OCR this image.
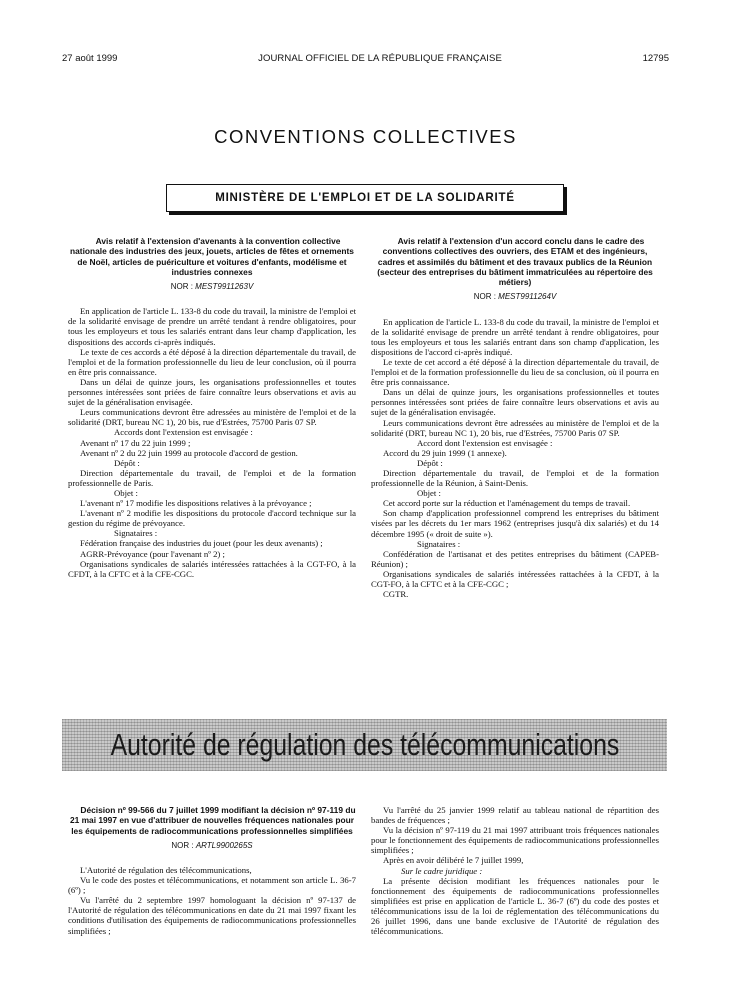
27 août 1999	JOURNAL OFFICIEL DE LA RÉPUBLIQUE FRANÇAISE	12795
CONVENTIONS COLLECTIVES
MINISTÈRE DE L'EMPLOI ET DE LA SOLIDARITÉ

Avis relatif à l'extension d'avenants à la convention collective nationale des industries des jeux, jouets, articles de fêtes et ornements de Noël, articles de puériculture et voitures d'enfants, modélisme et industries connexes

NOR : MEST9911263V

En application de l'article L. 133-8 du code du travail, la ministre de l'emploi et de la solidarité envisage de prendre un arrêté tendant à rendre obligatoires, pour tous les employeurs et tous les salariés entrant dans leur champ d'application, les dispositions des accords ci-après indiqués.

Le texte de ces accords a été déposé à la direction départementale du travail, de l'emploi et de la formation professionnelle du lieu de leur conclusion, où il pourra en être pris connaissance.

Dans un délai de quinze jours, les organisations professionnelles et toutes personnes intéressées sont priées de faire connaître leurs observations et avis au sujet de la généralisation envisagée.

Leurs communications devront être adressées au ministère de l'emploi et de la solidarité (DRT, bureau NC 1), 20 bis, rue d'Estrées, 75700 Paris 07 SP.

Accords dont l'extension est envisagée :

Avenant nº 17 du 22 juin 1999 ;

Avenant nº 2 du 22 juin 1999 au protocole d'accord de gestion.

Dépôt :

Direction départementale du travail, de l'emploi et de la formation professionnelle de Paris.

Objet :

L'avenant nº 17 modifie les dispositions relatives à la prévoyance ;

L'avenant nº 2 modifie les dispositions du protocole d'accord technique sur la gestion du régime de prévoyance.

Signataires :

Fédération française des industries du jouet (pour les deux avenants) ;

AGRR-Prévoyance (pour l'avenant nº 2) ;

Organisations syndicales de salariés intéressées rattachées à la CGT-FO, à la CFDT, à la CFTC et à la CFE-CGC.

Avis relatif à l'extension d'un accord conclu dans le cadre des conventions collectives des ouvriers, des ETAM et des ingénieurs, cadres et assimilés du bâtiment et des travaux publics de la Réunion (secteur des entreprises du bâtiment immatriculées au répertoire des métiers)

NOR : MEST9911264V

En application de l'article L. 133-8 du code du travail, la ministre de l'emploi et de la solidarité envisage de prendre un arrêté tendant à rendre obligatoires, pour tous les employeurs et tous les salariés entrant dans son champ d'application, les dispositions de l'accord ci-après indiqué.

Le texte de cet accord a été déposé à la direction départementale du travail, de l'emploi et de la formation professionnelle du lieu de sa conclusion, où il pourra en être pris connaissance.

Dans un délai de quinze jours, les organisations professionnelles et toutes personnes intéressées sont priées de faire connaître leurs observations et avis au sujet de la généralisation envisagée.

Leurs communications devront être adressées au ministère de l'emploi et de la solidarité (DRT, bureau NC 1), 20 bis, rue d'Estrées, 75700 Paris 07 SP.

Accord dont l'extension est envisagée :

Accord du 29 juin 1999 (1 annexe).

Dépôt :

Direction départementale du travail, de l'emploi et de la formation professionnelle de la Réunion, à Saint-Denis.

Objet :

Cet accord porte sur la réduction et l'aménagement du temps de travail.

Son champ d'application professionnel comprend les entreprises du bâtiment visées par les décrets du 1er mars 1962 (entreprises jusqu'à dix salariés) et du 14 décembre 1995 (« droit de suite »).

Signataires :

Confédération de l'artisanat et des petites entreprises du bâtiment (CAPEB-Réunion) ;

Organisations syndicales de salariés intéressées rattachées à la CFDT, à la CGT-FO, à la CFTC et à la CFE-CGC ;

CGTR.

Autorité de régulation des télécommunications

Décision nº 99-566 du 7 juillet 1999 modifiant la décision nº 97-119 du 21 mai 1997 en vue d'attribuer de nouvelles fréquences nationales pour les équipements de radiocommunications professionnelles simplifiées

NOR : ARTL9900265S

L'Autorité de régulation des télécommunications,

Vu le code des postes et télécommunications, et notamment son article L. 36-7 (6º) ;

Vu l'arrêté du 2 septembre 1997 homologuant la décision nº 97-137 de l'Autorité de régulation des télécommunications en date du 21 mai 1997 fixant les conditions d'utilisation des équipements de radiocommunications professionnelles simplifiées ;

Vu l'arrêté du 25 janvier 1999 relatif au tableau national de répartition des bandes de fréquences ;

Vu la décision nº 97-119 du 21 mai 1997 attribuant trois fréquences nationales pour le fonctionnement des équipements de radiocommunications professionnelles simplifiées ;

Après en avoir délibéré le 7 juillet 1999,

Sur le cadre juridique :

La présente décision modifiant les fréquences nationales pour le fonctionnement des équipements de radiocommunications professionnelles simplifiées est prise en application de l'article L. 36-7 (6º) du code des postes et télécommunications issu de la loi de réglementation des télécommunications du 26 juillet 1996, dans une bande exclusive de l'Autorité de régulation des télécommunications.
